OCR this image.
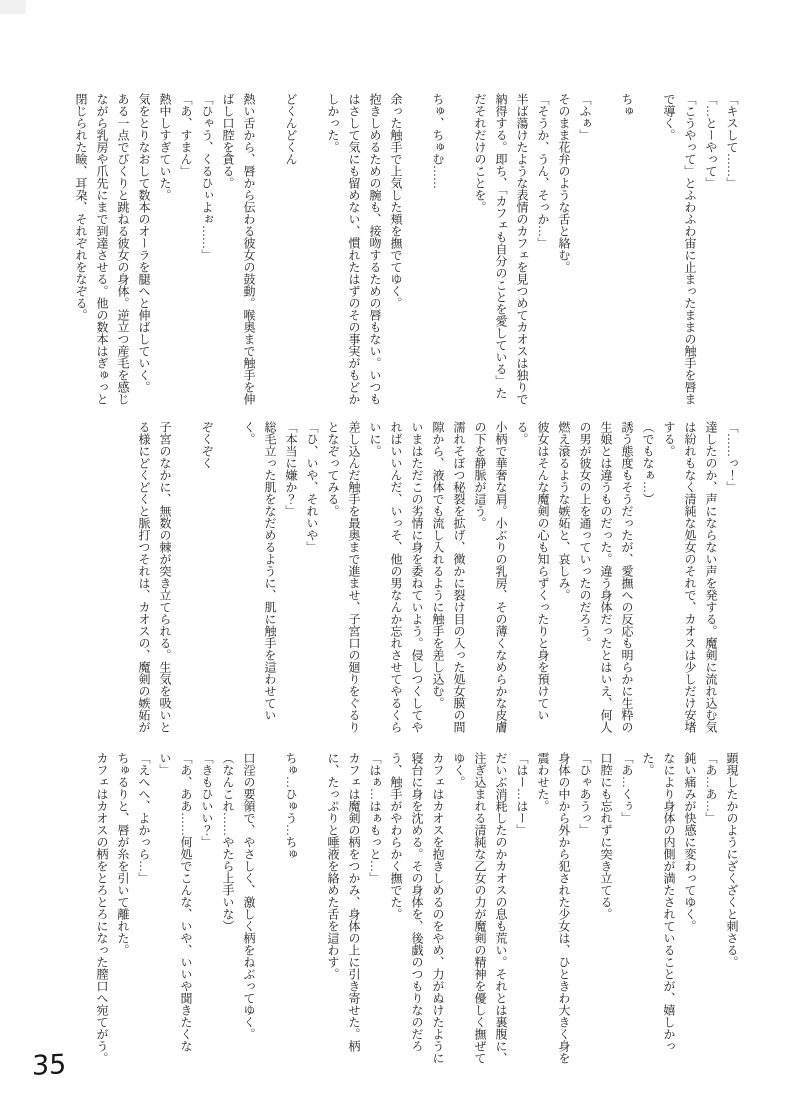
「キスして……」

「…とーやって」

「こうやって」とふわふわ宙に止まったままの触手を唇まで導く。

ちゅ

「ふぁ」

そのまま花弁のような舌と絡む。

「そうか、うん、そっか…」

半ば蕩けたような表情のカフェを見つめてカオスは独りで納得する。即ち、「カフェも自分のことを愛している」ただそれだけのことを。

ちゅ、ちゅむ……

余った触手で上気した頬を撫でてゆく。

抱きしめるための腕も、接吻するための唇もない。いつもはさして気にも留めない、慣れたはずのその事実がもどかしかった。

どくんどくん

熱い舌から、唇から伝わる彼女の鼓動。喉奥まで触手を伸ばし口腔を貪る。

「ひゃう、くるひぃよぉ……」

「あ、すまん」

熱中しすぎていた。

気をとりなおして数本のオーラを腿へと伸ばしていく。

ある一点でびくりと跳ねる彼女の身体。逆立つ産毛を感じながら乳房や爪先にまで到達させる。他の数本はぎゅっと閉じられた瞼、耳朶、それぞれをなぞる。

「……っ！」

達したのか、声にならない声を発する。魔剣に流れ込む気は紛れもなく清純な処女のそれで、カオスは少しだけ安堵する。

（でもなぁ…）

誘う態度もそうだったが、愛撫への反応も明らかに生粋の生娘とは違うものだった。違う身体だったとはいえ、何人の男が彼女の上を通っていったのだろう。

燃え滾るような嫉妬と、哀しみ。

彼女はそんな魔剣の心も知らずくったりと身を預けている。

小柄で華奢な肩。小ぶりの乳房、その薄くなめらかな皮膚の下を静脈が這う。

濡れそぼつ秘裂を拡げ、微かに裂け目の入った処女膜の間隙から、液体でも流し入れるように触手を差し込む。

いまはただこの劣情に身を委ねていよう。侵しつくしてやればいいんだ、いっそ、他の男なんか忘れさせてやるくらいに。

差し込んだ触手を最奥まで進ませ、子宮口の廻りをぐるりとなぞってみる。

「ひ、いや、それいや」

「本当に嫌か？」

総毛立った肌をなだめるように、肌に触手を這わせていく。

ぞくぞく

子宮のなかに、無数の棘が突き立てられる。生気を吸いとる様にどくどくと脈打つそれは、カオスの、魔剣の嫉妬が

顕現したかのようにざくざくと刺さる。

「あ…あ…」

鈍い痛みが快感に変わってゆく。

なにより身体の内側が満たされていることが、嬉しかった。

「あ…くぅ」

口腔にも忘れずに突き立てる。

「ひゃあうっ」

身体の中から外から犯された少女は、ひときわ大きく身を震わせた。

「はー…はー」

だいぶ消耗したのかカオスの息も荒い。それとは裏腹に、注ぎ込まれる清純な乙女の力が魔剣の精神を優しく撫ぜてゆく。

カフェはカオスを抱きしめるのをやめ、力がぬけたように寝台に身を沈める。その身体を、後戯のつもりなのだろう、触手がやわらかく撫でた。

「はぁ…はぁもっと…」

カフェは魔剣の柄をつかみ、身体の上に引き寄せた。柄に、たっぷりと唾液を絡めた舌を這わす。

ちゅ…ひゅう…ちゅ

口淫の要領で、やさしく、激しく柄をねぶってゆく。

（なんこれ……やたら上手いな）

「きもひいい？」

「あ、ああ……何処でこんな、いや、いいや聞きたくない」

「えへへ、よかっら…」

ちゅるりと、唇が糸を引いて離れた。

カフェはカオスの柄をとろとろになった膣口へ宛てがう。

35
